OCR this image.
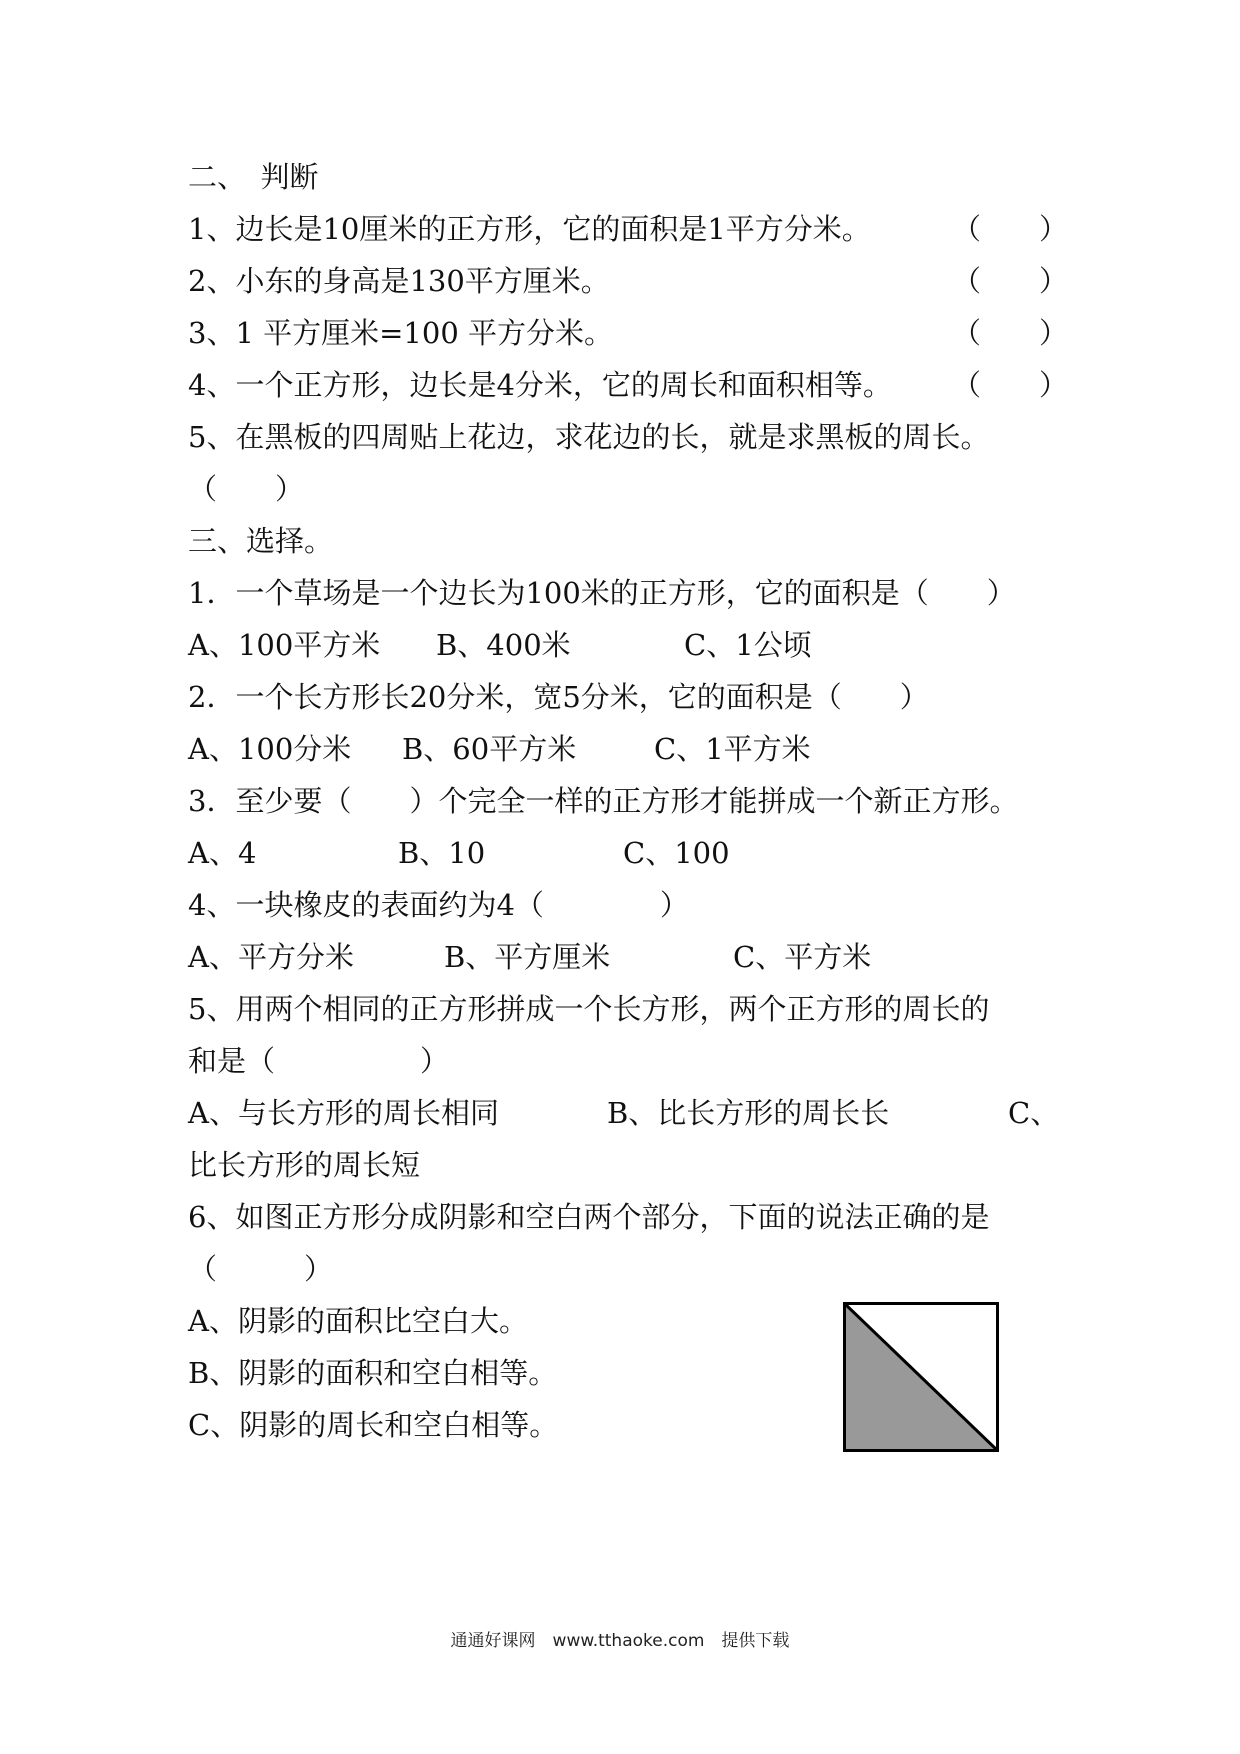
二、　判断
1、边长是10厘米的正方形，它的面积是1平方分米。	（　　）
2、小东的身高是130平方厘米。	（　　）
3、1 平方厘米=100 平方分米。	（　　）
4、一个正方形，边长是4分米，它的周长和面积相等。	（　　）
5、在黑板的四周贴上花边，求花边的长，就是求黑板的周长。
（　　）
三、选择。
1．一个草场是一个边长为100米的正方形，它的面积是（　　）
A、100平方米 B、400米	C、1公顷
2．一个长方形长20分米，宽5分米，它的面积是（　　）
A、100分米 B、60平方米	C、1平方米
3．至少要（　　）个完全一样的正方形才能拼成一个新正方形。
A、4	B、10	C、100
4、一块橡皮的表面约为4（　　　　）
A、平方分米	B、平方厘米	C、平方米
5、用两个相同的正方形拼成一个长方形，两个正方形的周长的
和是（　　　　　）
A、与长方形的周长相同	B、比长方形的周长长	C、
比长方形的周长短
6、如图正方形分成阴影和空白两个部分，下面的说法正确的是
（　　　）
A、阴影的面积比空白大。
B、阴影的面积和空白相等。
C、阴影的周长和空白相等。
通通好课网　www.tthaoke.com　提供下载
